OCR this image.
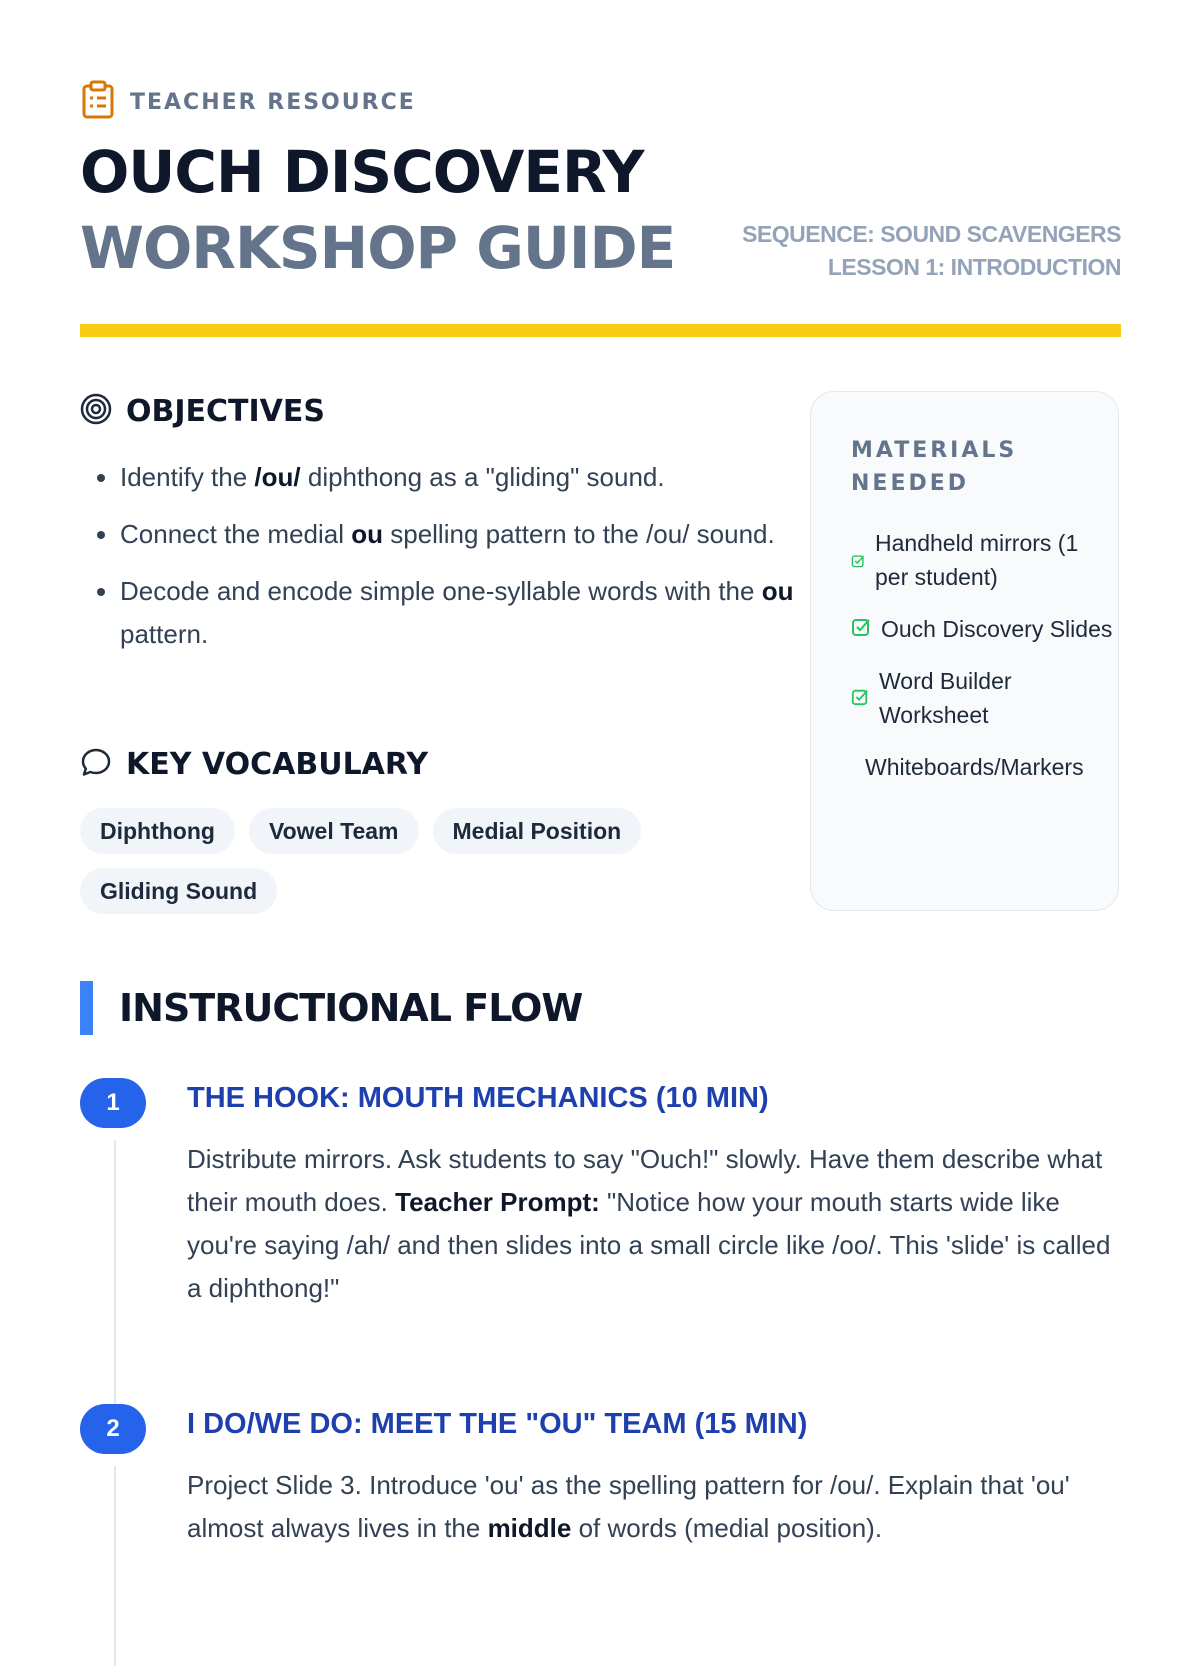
TEACHER RESOURCE
OUCH DISCOVERY
WORKSHOP GUIDE	SEQUENCE: SOUND SCAVENGERS
LESSON 1: INTRODUCTION
OBJECTIVES
• Identify the /ou/ diphthong as a "gliding" sound.
• Connect the medial ou spelling pattern to the /ou/ sound.
• Decode and encode simple one-syllable words with the ou pattern.
KEY VOCABULARY
Diphthong	Vowel Team	Medial Position
Gliding Sound
MATERIALS NEEDED
Handheld mirrors (1 per student)
Ouch Discovery Slides
Word Builder Worksheet
Whiteboards/Markers
INSTRUCTIONAL FLOW
1	THE HOOK: MOUTH MECHANICS (10 MIN)
Distribute mirrors. Ask students to say "Ouch!" slowly. Have them describe what their mouth does. Teacher Prompt: "Notice how your mouth starts wide like you're saying /ah/ and then slides into a small circle like /oo/. This 'slide' is called a diphthong!"
2	I DO/WE DO: MEET THE "OU" TEAM (15 MIN)
Project Slide 3. Introduce 'ou' as the spelling pattern for /ou/. Explain that 'ou' almost always lives in the middle of words (medial position).
